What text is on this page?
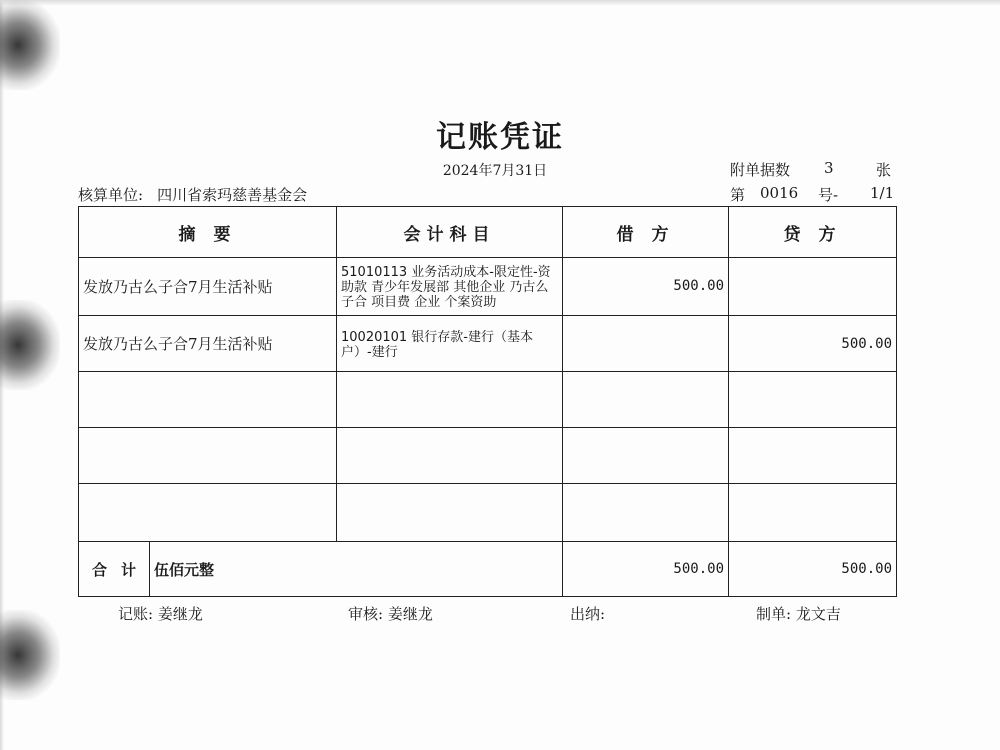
记账凭证
2024年7月31日	附单据数 3	张
核算单位: 四川省索玛慈善基金会	第 0016 号- 1/1
摘 要	会计科目	借 方	贷 方
发放乃古么子合7月生活补贴	51010113 业务活动成本-限定性-资助款 青少年发展部 其他企业 乃古么子合 项目费 企业 个案资助	500.00	
发放乃古么子合7月生活补贴	10020101 银行存款-建行（基本户）-建行		500.00

合 计 伍佰元整		500.00	500.00
记账: 姜继龙	审核: 姜继龙	出纳:	制单: 龙文吉
